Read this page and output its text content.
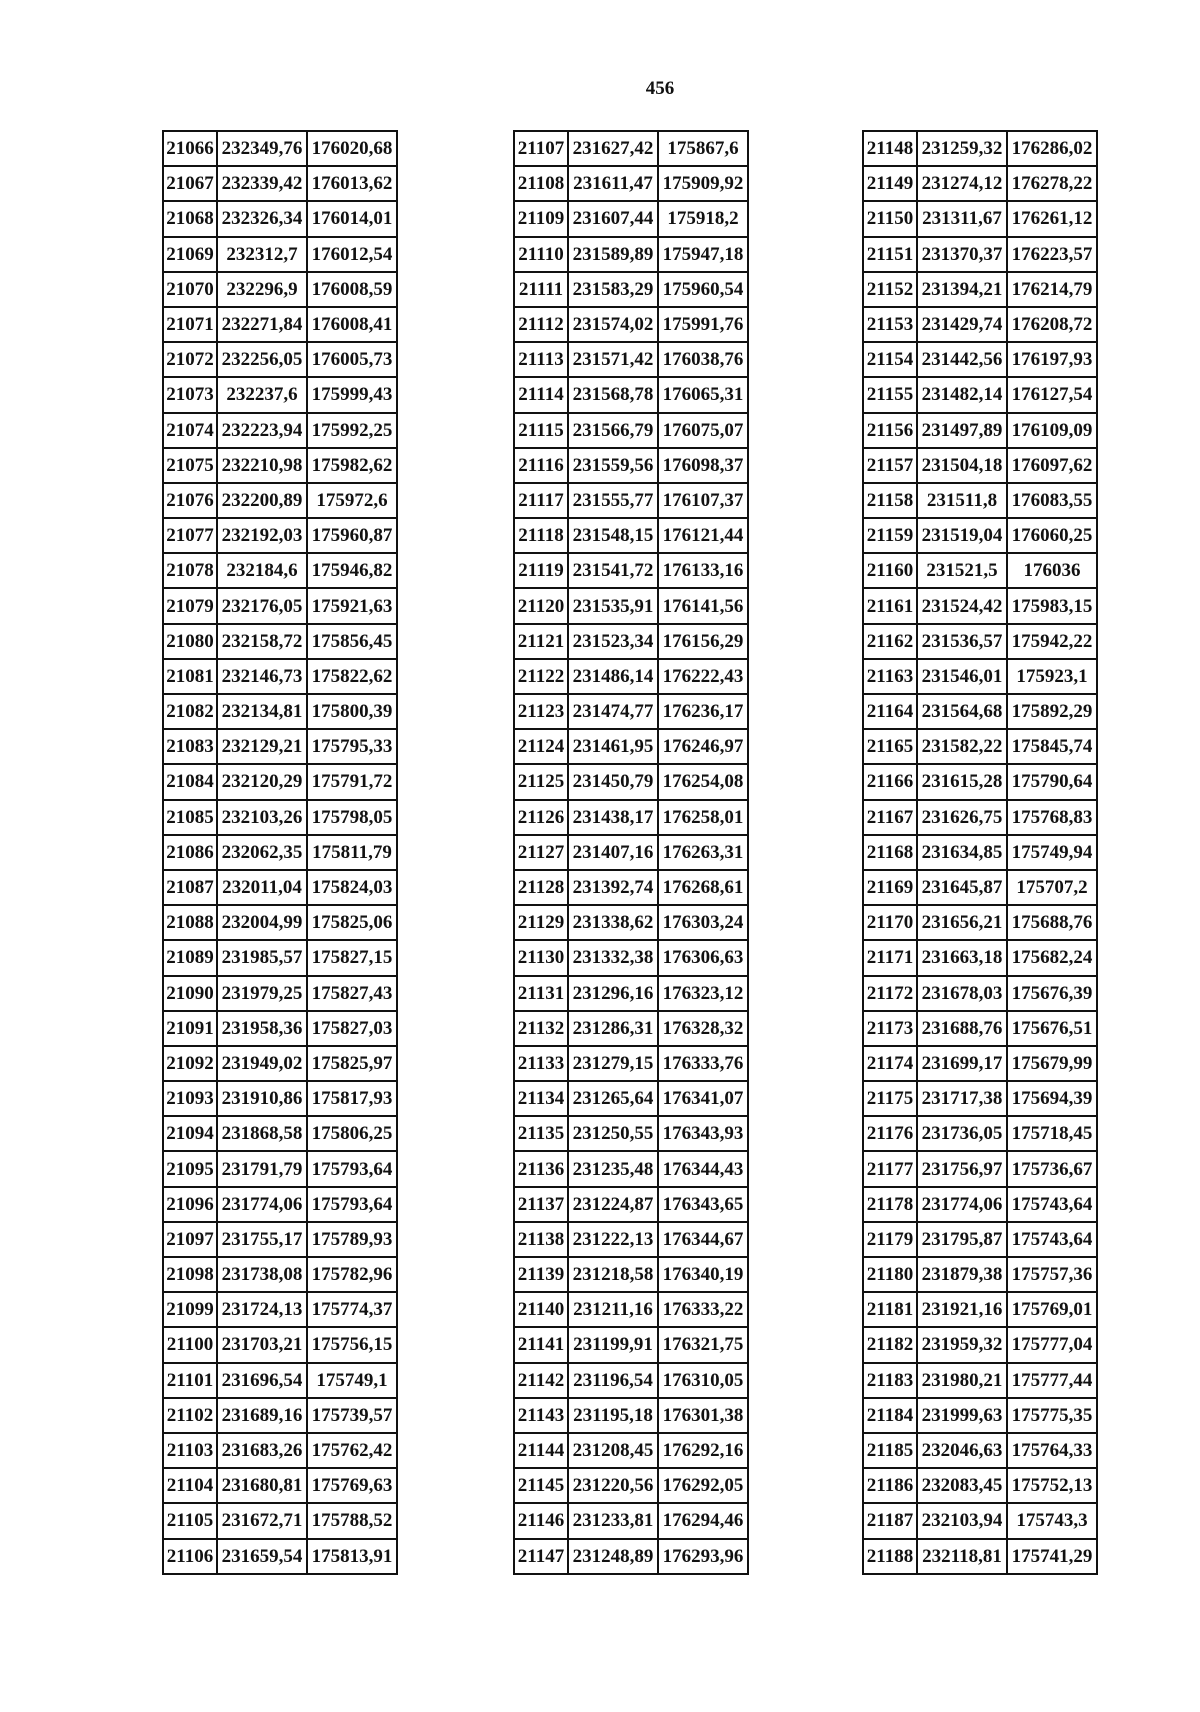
456
21066	232349,76	176020,68
21067	232339,42	176013,62
21068	232326,34	176014,01
21069	232312,7	176012,54
21070	232296,9	176008,59
21071	232271,84	176008,41
21072	232256,05	176005,73
21073	232237,6	175999,43
21074	232223,94	175992,25
21075	232210,98	175982,62
21076	232200,89	175972,6
21077	232192,03	175960,87
21078	232184,6	175946,82
21079	232176,05	175921,63
21080	232158,72	175856,45
21081	232146,73	175822,62
21082	232134,81	175800,39
21083	232129,21	175795,33
21084	232120,29	175791,72
21085	232103,26	175798,05
21086	232062,35	175811,79
21087	232011,04	175824,03
21088	232004,99	175825,06
21089	231985,57	175827,15
21090	231979,25	175827,43
21091	231958,36	175827,03
21092	231949,02	175825,97
21093	231910,86	175817,93
21094	231868,58	175806,25
21095	231791,79	175793,64
21096	231774,06	175793,64
21097	231755,17	175789,93
21098	231738,08	175782,96
21099	231724,13	175774,37
21100	231703,21	175756,15
21101	231696,54	175749,1
21102	231689,16	175739,57
21103	231683,26	175762,42
21104	231680,81	175769,63
21105	231672,71	175788,52
21106	231659,54	175813,91
21107	231627,42	175867,6
21108	231611,47	175909,92
21109	231607,44	175918,2
21110	231589,89	175947,18
21111	231583,29	175960,54
21112	231574,02	175991,76
21113	231571,42	176038,76
21114	231568,78	176065,31
21115	231566,79	176075,07
21116	231559,56	176098,37
21117	231555,77	176107,37
21118	231548,15	176121,44
21119	231541,72	176133,16
21120	231535,91	176141,56
21121	231523,34	176156,29
21122	231486,14	176222,43
21123	231474,77	176236,17
21124	231461,95	176246,97
21125	231450,79	176254,08
21126	231438,17	176258,01
21127	231407,16	176263,31
21128	231392,74	176268,61
21129	231338,62	176303,24
21130	231332,38	176306,63
21131	231296,16	176323,12
21132	231286,31	176328,32
21133	231279,15	176333,76
21134	231265,64	176341,07
21135	231250,55	176343,93
21136	231235,48	176344,43
21137	231224,87	176343,65
21138	231222,13	176344,67
21139	231218,58	176340,19
21140	231211,16	176333,22
21141	231199,91	176321,75
21142	231196,54	176310,05
21143	231195,18	176301,38
21144	231208,45	176292,16
21145	231220,56	176292,05
21146	231233,81	176294,46
21147	231248,89	176293,96
21148	231259,32	176286,02
21149	231274,12	176278,22
21150	231311,67	176261,12
21151	231370,37	176223,57
21152	231394,21	176214,79
21153	231429,74	176208,72
21154	231442,56	176197,93
21155	231482,14	176127,54
21156	231497,89	176109,09
21157	231504,18	176097,62
21158	231511,8	176083,55
21159	231519,04	176060,25
21160	231521,5	176036
21161	231524,42	175983,15
21162	231536,57	175942,22
21163	231546,01	175923,1
21164	231564,68	175892,29
21165	231582,22	175845,74
21166	231615,28	175790,64
21167	231626,75	175768,83
21168	231634,85	175749,94
21169	231645,87	175707,2
21170	231656,21	175688,76
21171	231663,18	175682,24
21172	231678,03	175676,39
21173	231688,76	175676,51
21174	231699,17	175679,99
21175	231717,38	175694,39
21176	231736,05	175718,45
21177	231756,97	175736,67
21178	231774,06	175743,64
21179	231795,87	175743,64
21180	231879,38	175757,36
21181	231921,16	175769,01
21182	231959,32	175777,04
21183	231980,21	175777,44
21184	231999,63	175775,35
21185	232046,63	175764,33
21186	232083,45	175752,13
21187	232103,94	175743,3
21188	232118,81	175741,29
